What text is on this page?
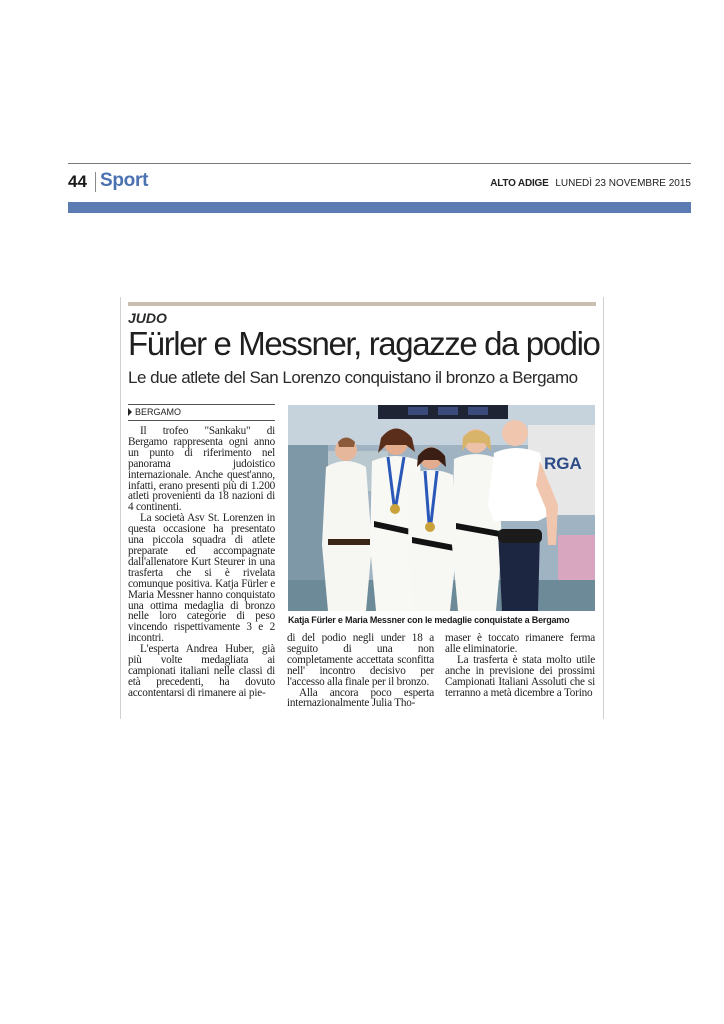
44 Sport	ALTO ADIGE LUNEDÌ 23 NOVEMBRE 2015
JUDO
Fürler e Messner, ragazze da podio
Le due atlete del San Lorenzo conquistano il bronzo a Bergamo
BERGAMO

Il trofeo "Sankaku" di Bergamo rappresenta ogni anno un punto di riferimento nel panorama judoistico internazionale. Anche quest'anno, infatti, erano presenti più di 1.200 atleti provenienti da 18 nazioni di 4 continenti.

La società Asv St. Lorenzen in questa occasione ha presentato una piccola squadra di atlete preparate ed accompagnate dall'allenatore Kurt Steurer in una trasferta che si è rivelata comunque positiva. Katja Fürler e Maria Messner hanno conquistato una ottima medaglia di bronzo nelle loro categorie di peso vincendo rispettivamente 3 e 2 incontri.

L'esperta Andrea Huber, già più volte medagliata ai campionati italiani nelle classi di età precedenti, ha dovuto accontentarsi di rimanere ai pie-

RGA
Katja Fürler e Maria Messner con le medaglie conquistate a Bergamo

di del podio negli under 18 a seguito di una non completamente accettata sconfitta nell' incontro decisivo per l'accesso alla finale per il bronzo.

Alla ancora poco esperta internazionalmente Julia Tho-

maser è toccato rimanere ferma alle eliminatorie.

La trasferta è stata molto utile anche in previsione dei prossimi Campionati Italiani Assoluti che si terranno a metà dicembre a Torino
